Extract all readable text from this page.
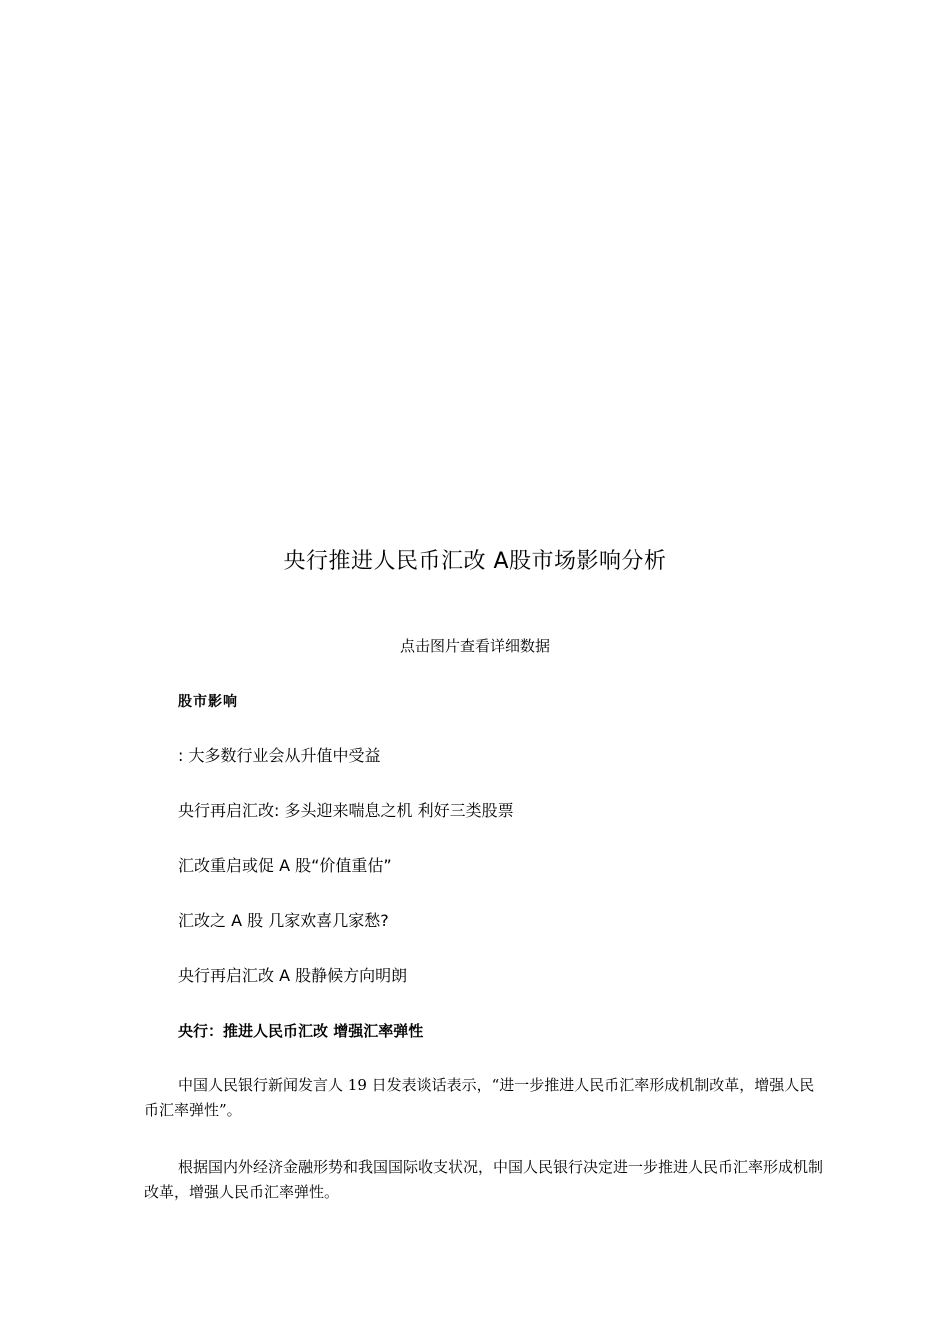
央行推进人民币汇改 A股市场影响分析
点击图片查看详细数据
股市影响
: 大多数行业会从升值中受益
央行再启汇改: 多头迎来喘息之机 利好三类股票
汇改重启或促 A 股“价值重估”
汇改之 A 股 几家欢喜几家愁?
央行再启汇改 A 股静候方向明朗
央行：推进人民币汇改 增强汇率弹性
中国人民银行新闻发言人 19 日发表谈话表示，“进一步推进人民币汇率形成机制改革，增强人民币汇率弹性”。
根据国内外经济金融形势和我国国际收支状况，中国人民银行决定进一步推进人民币汇率形成机制改革，增强人民币汇率弹性。
